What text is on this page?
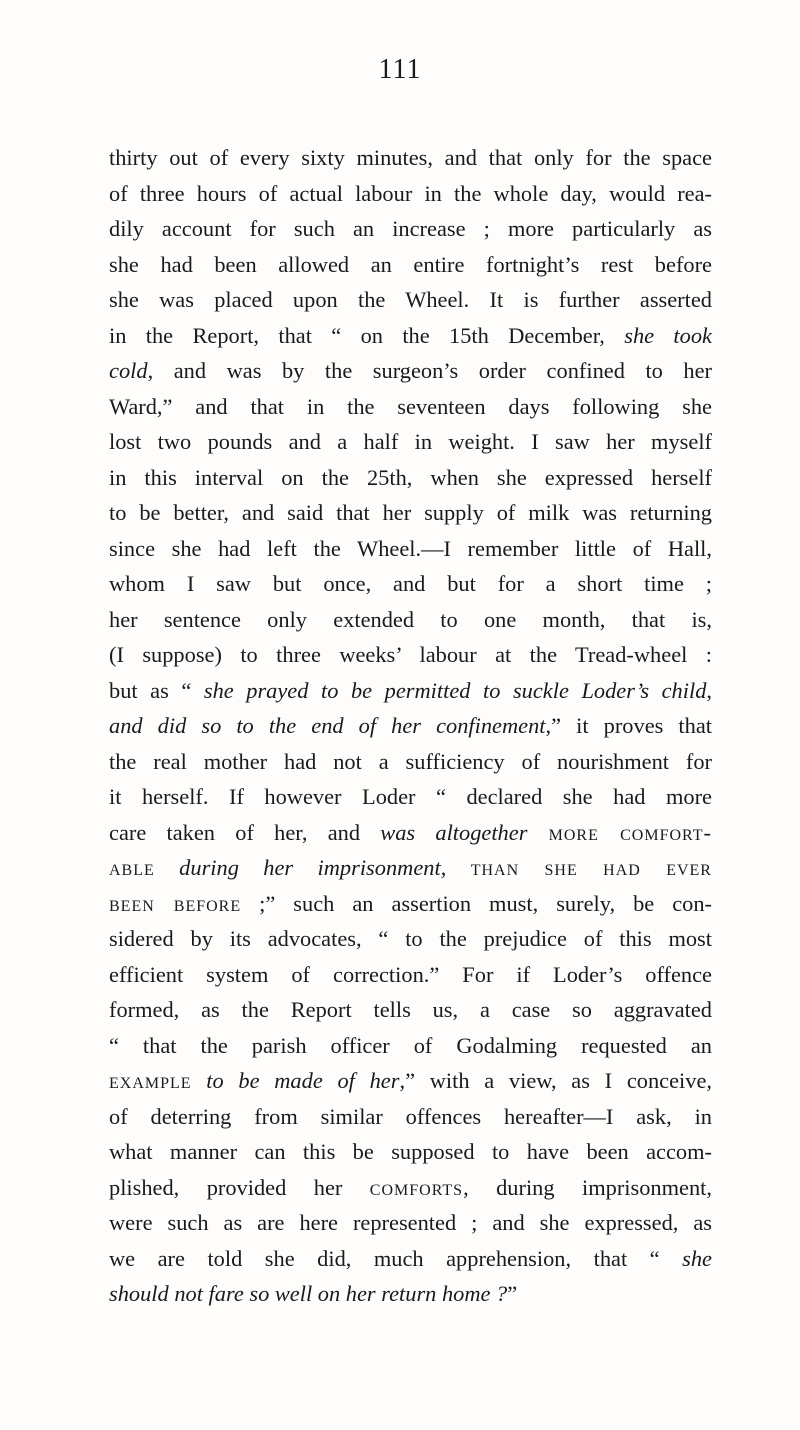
111
thirty out of every sixty minutes, and that only for the space
of three hours of actual labour in the whole day, would rea-
dily account for such an increase ; more particularly as
she had been allowed an entire fortnight’s rest before
she was placed upon the Wheel. It is further asserted
in the Report, that “ on the 15th December, she took
cold, and was by the surgeon’s order confined to her
Ward,” and that in the seventeen days following she
lost two pounds and a half in weight. I saw her myself
in this interval on the 25th, when she expressed herself
to be better, and said that her supply of milk was returning
since she had left the Wheel.—I remember little of Hall,
whom I saw but once, and but for a short time ;
her sentence only extended to one month, that is,
(I suppose) to three weeks’ labour at the Tread-wheel :
but as “ she prayed to be permitted to suckle Loder’s child,
and did so to the end of her confinement,” it proves that
the real mother had not a sufficiency of nourishment for
it herself. If however Loder “ declared she had more
care taken of her, and was altogether more comfort-
able during her imprisonment, than she had ever
been before ;” such an assertion must, surely, be con-
sidered by its advocates, “ to the prejudice of this most
efficient system of correction.” For if Loder’s offence
formed, as the Report tells us, a case so aggravated
“ that the parish officer of Godalming requested an
example to be made of her,” with a view, as I conceive,
of deterring from similar offences hereafter—I ask, in
what manner can this be supposed to have been accom-
plished, provided her comforts, during imprisonment,
were such as are here represented ; and she expressed, as
we are told she did, much apprehension, that “ she
should not fare so well on her return home ?”
